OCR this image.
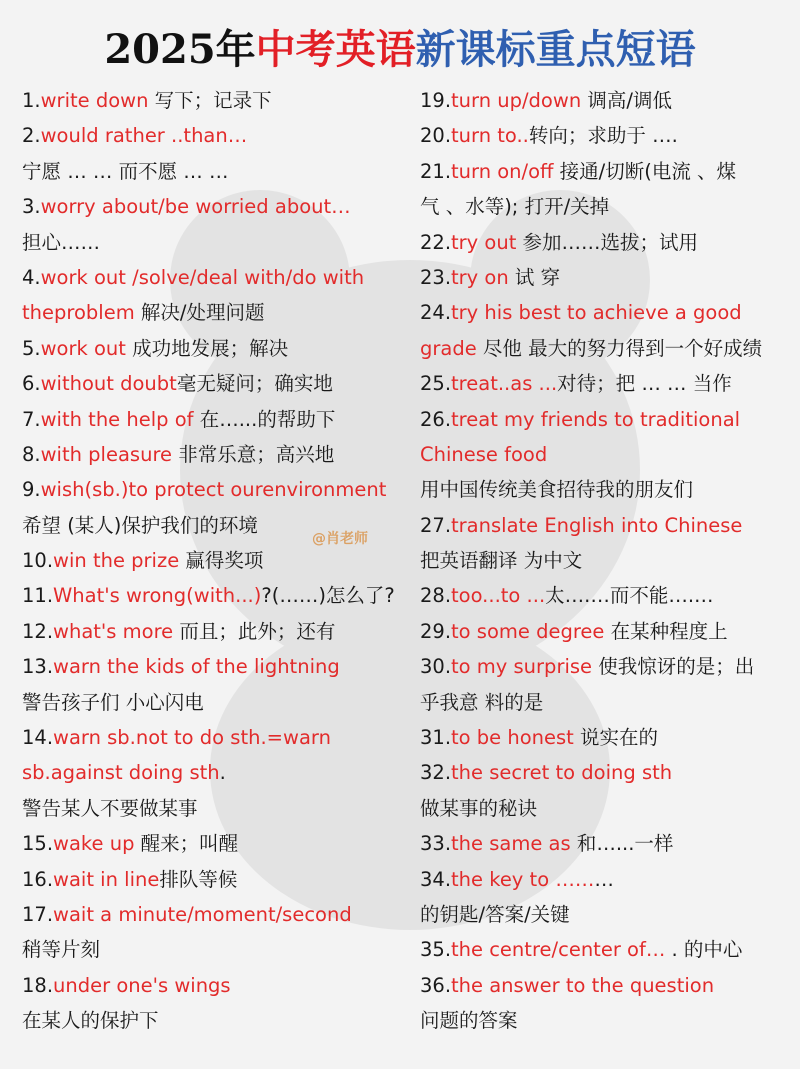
2025年中考英语新课标重点短语
1.write down 写下；记录下
2.would rather ..than…
宁愿 … … 而不愿 … …
3.worry about/be worried about…
担心……
4.work out /solve/deal with/do with
theproblem 解决/处理问题
5.work out 成功地发展；解决
6.without doubt毫无疑问；确实地
7.with the help of 在…...的帮助下
8.with pleasure 非常乐意；高兴地
9.wish(sb.)to protect ourenvironment
希望 (某人)保护我们的环境
10.win the prize 赢得奖项
11.What's wrong(with...)?(……)怎么了?
12.what's more 而且；此外；还有
13.warn the kids of the lightning
警告孩子们 小心闪电
14.warn sb.not to do sth.=warn
sb.against doing sth.
警告某人不要做某事
15.wake up 醒来；叫醒
16.wait in line排队等候
17.wait a minute/moment/second
稍等片刻
18.under one's wings
在某人的保护下
19.turn up/down 调高/调低
20.turn to..转向；求助于 ….
21.turn on/off 接通/切断(电流 、煤
气 、水等); 打开/关掉
22.try out 参加……选拔；试用
23.try on 试 穿
24.try his best to achieve a good
grade 尽他 最大的努力得到一个好成绩
25.treat..as ...对待；把 … … 当作
26.treat my friends to traditional
Chinese food
用中国传统美食招待我的朋友们
27.translate English into Chinese
把英语翻译 为中文
28.too...to ...太….…而不能….…
29.to some degree 在某种程度上
30.to my surprise 使我惊讶的是；出
乎我意 料的是
31.to be honest 说实在的
32.the secret to doing sth
做某事的秘诀
33.the same as 和…...一样
34.the key to ………
的钥匙/答案/关键
35.the centre/center of… . 的中心
36.the answer to the question
问题的答案
@肖老师
